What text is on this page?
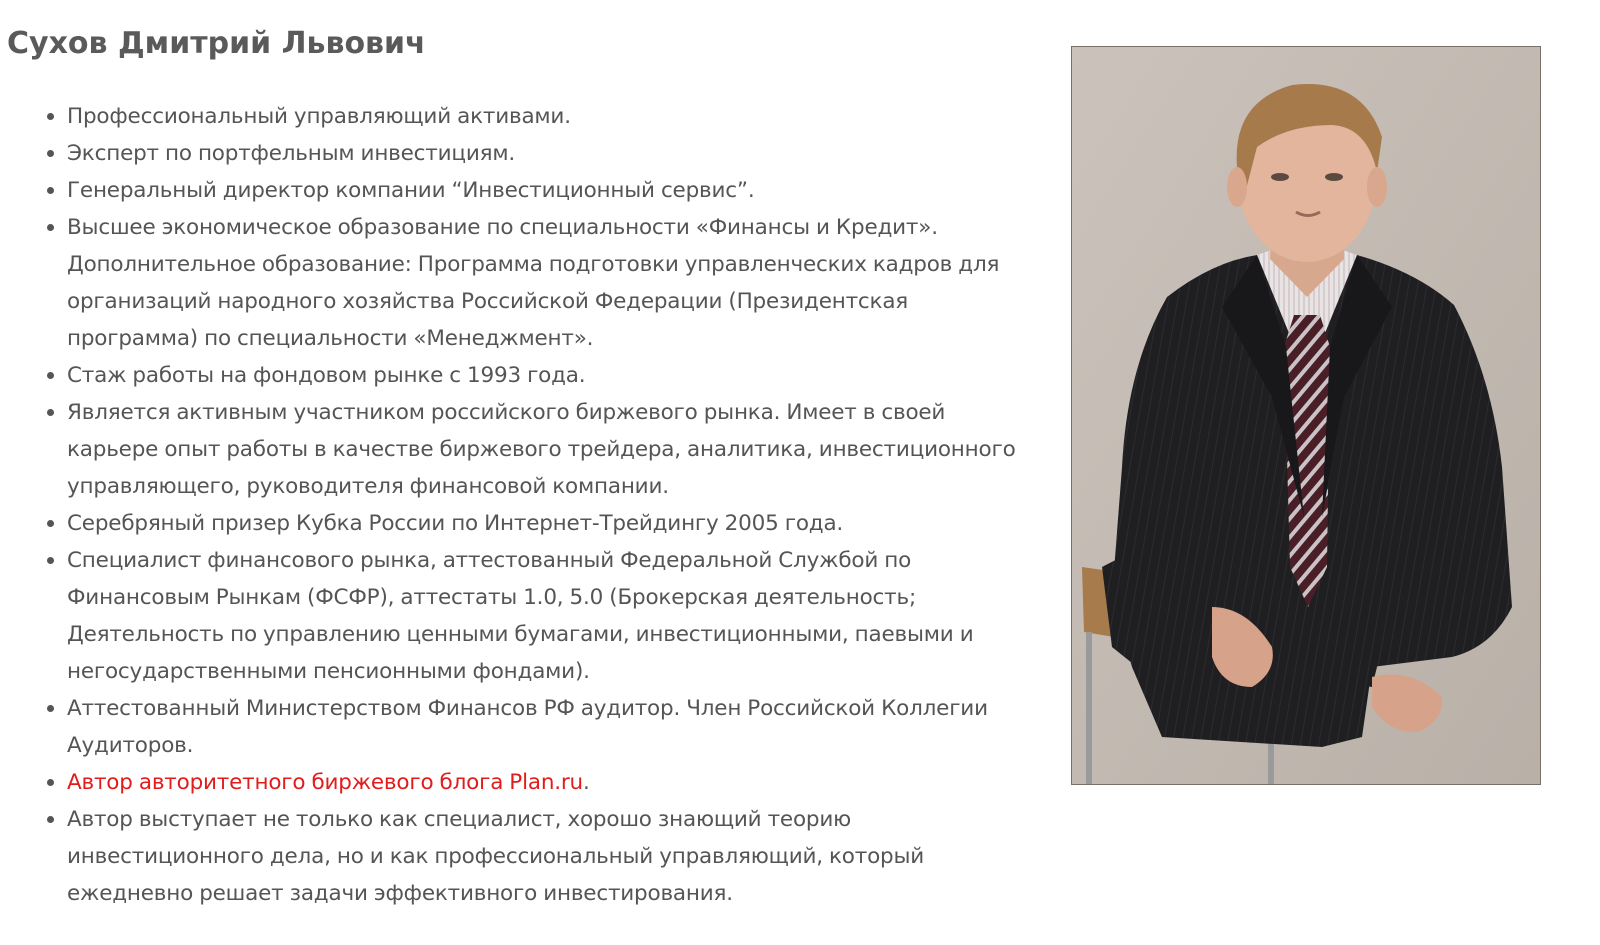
Сухов Дмитрий Львович
Профессиональный управляющий активами.
Эксперт по портфельным инвестициям.
Генеральный директор компании “Инвестиционный сервис”.
Высшее экономическое образование по специальности «Финансы и Кредит». Дополнительное образование: Программа подготовки управленческих кадров для организаций народного хозяйства Российской Федерации (Президентская программа) по специальности «Менеджмент».
Стаж работы на фондовом рынке с 1993 года.
Является активным участником российского биржевого рынка. Имеет в своей карьере опыт работы в качестве биржевого трейдера, аналитика, инвестиционного управляющего, руководителя финансовой компании.
Серебряный призер Кубка России по Интернет-Трейдингу 2005 года.
Специалист финансового рынка, аттестованный Федеральной Службой по Финансовым Рынкам (ФСФР), аттестаты 1.0, 5.0 (Брокерская деятельность; Деятельность по управлению ценными бумагами, инвестиционными, паевыми и негосударственными пенсионными фондами).
Аттестованный Министерством Финансов РФ аудитор. Член Российской Коллегии Аудиторов.
Автор авторитетного биржевого блога Plan.ru.
Автор выступает не только как специалист, хорошо знающий теорию инвестиционного дела, но и как профессиональный управляющий, который ежедневно решает задачи эффективного инвестирования.
